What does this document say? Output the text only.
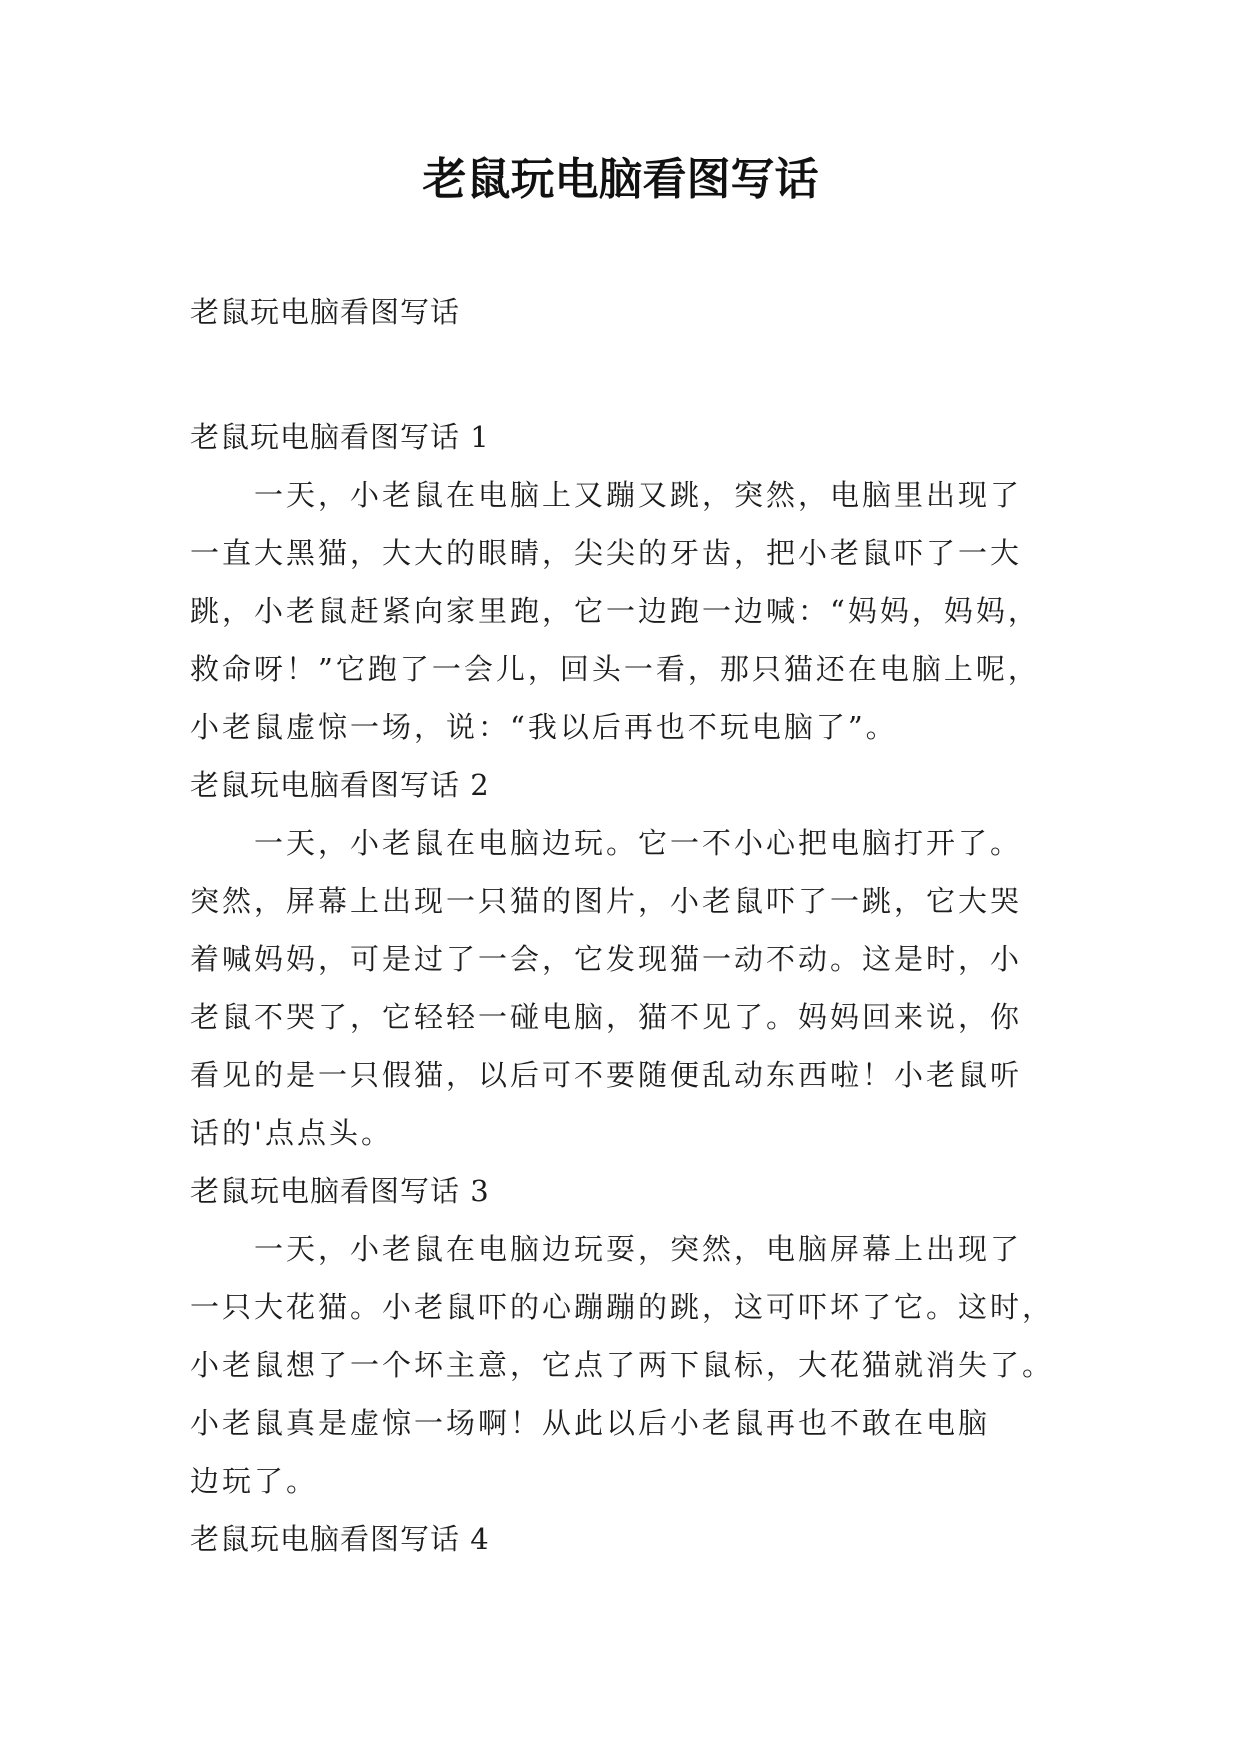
老鼠玩电脑看图写话
老鼠玩电脑看图写话
老鼠玩电脑看图写话 1
一天，小老鼠在电脑上又蹦又跳，突然，电脑里出现了
一直大黑猫，大大的眼睛，尖尖的牙齿，把小老鼠吓了一大
跳，小老鼠赶紧向家里跑，它一边跑一边喊：“妈妈，妈妈，
救命呀！”它跑了一会儿，回头一看，那只猫还在电脑上呢，
小老鼠虚惊一场，说：“我以后再也不玩电脑了”。
老鼠玩电脑看图写话 2
一天，小老鼠在电脑边玩。它一不小心把电脑打开了。
突然，屏幕上出现一只猫的图片，小老鼠吓了一跳，它大哭
着喊妈妈，可是过了一会，它发现猫一动不动。这是时，小
老鼠不哭了，它轻轻一碰电脑，猫不见了。妈妈回来说，你
看见的是一只假猫，以后可不要随便乱动东西啦！小老鼠听
话的'点点头。
老鼠玩电脑看图写话 3
一天，小老鼠在电脑边玩耍，突然，电脑屏幕上出现了
一只大花猫。小老鼠吓的心蹦蹦的跳，这可吓坏了它。这时，
小老鼠想了一个坏主意，它点了两下鼠标，大花猫就消失了。
小老鼠真是虚惊一场啊！从此以后小老鼠再也不敢在电脑
边玩了。
老鼠玩电脑看图写话 4
